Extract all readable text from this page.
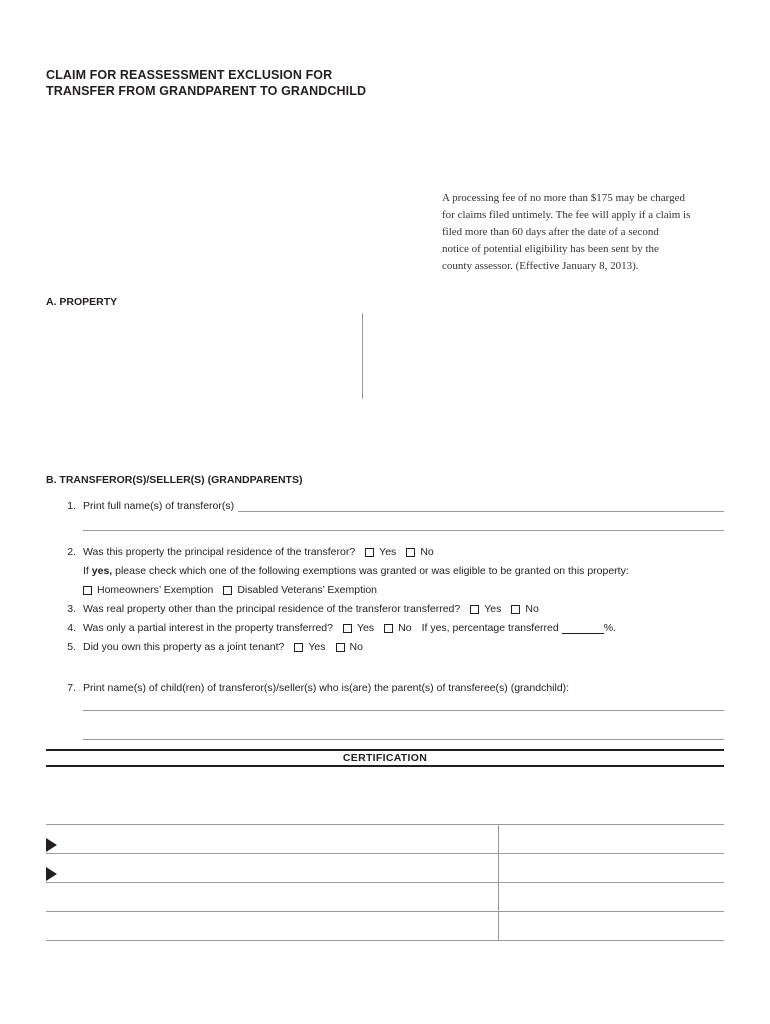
CLAIM FOR REASSESSMENT EXCLUSION FOR
TRANSFER FROM GRANDPARENT TO GRANDCHILD
A processing fee of no more than $175 may be charged
for claims filed untimely. The fee will apply if a claim is
filed more than 60 days after the date of a second
notice of potential eligibility has been sent by the
county assessor. (Effective January 8, 2013).
A. PROPERTY
B. TRANSFEROR(S)/SELLER(S) (GRANDPARENTS)
1. Print full name(s) of transferor(s)
2. Was this property the principal residence of the transferor? Yes No
If yes, please check which one of the following exemptions was granted or was eligible to be granted on this property:
Homeowners’ Exemption Disabled Veterans’ Exemption
3. Was real property other than the principal residence of the transferor transferred? Yes No
4. Was only a partial interest in the property transferred? Yes No If yes, percentage transferred	%.
5. Did you own this property as a joint tenant? Yes No
7. Print name(s) of child(ren) of transferor(s)/seller(s) who is(are) the parent(s) of transferee(s) (grandchild):
CERTIFICATION
